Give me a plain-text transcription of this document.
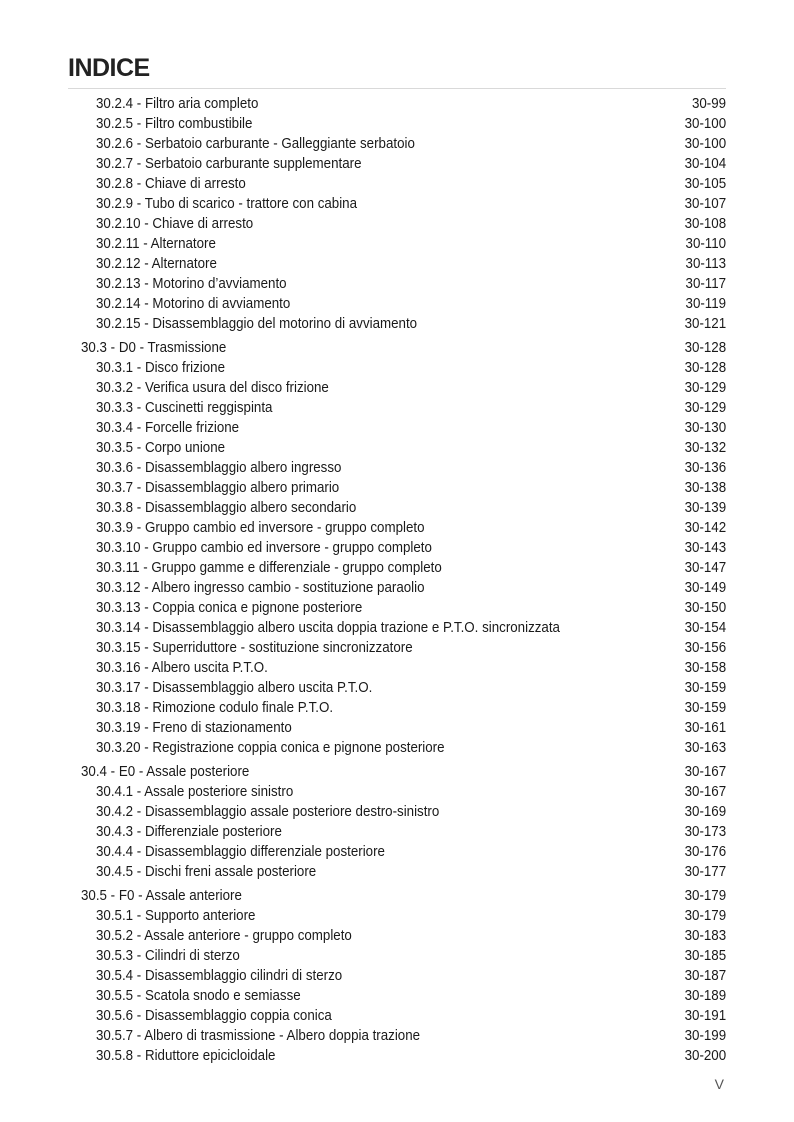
INDICE
30.2.4 - Filtro aria completo	30-99
30.2.5 - Filtro combustibile	30-100
30.2.6 - Serbatoio carburante - Galleggiante serbatoio	30-100
30.2.7 - Serbatoio carburante supplementare	30-104
30.2.8 - Chiave di arresto	30-105
30.2.9 - Tubo di scarico - trattore con cabina	30-107
30.2.10 - Chiave di arresto	30-108
30.2.11 - Alternatore	30-110
30.2.12 - Alternatore	30-113
30.2.13 - Motorino d’avviamento	30-117
30.2.14 - Motorino di avviamento	30-119
30.2.15 - Disassemblaggio del motorino di avviamento	30-121
30.3 - D0 - Trasmissione	30-128
30.3.1 - Disco frizione	30-128
30.3.2 - Verifica usura del disco frizione	30-129
30.3.3 - Cuscinetti reggispinta	30-129
30.3.4 - Forcelle frizione	30-130
30.3.5 - Corpo unione	30-132
30.3.6 - Disassemblaggio albero ingresso	30-136
30.3.7 - Disassemblaggio albero primario	30-138
30.3.8 - Disassemblaggio albero secondario	30-139
30.3.9 - Gruppo cambio ed inversore - gruppo completo	30-142
30.3.10 - Gruppo cambio ed inversore - gruppo completo	30-143
30.3.11 - Gruppo gamme e differenziale - gruppo completo	30-147
30.3.12 - Albero ingresso cambio - sostituzione paraolio	30-149
30.3.13 - Coppia conica e pignone posteriore	30-150
30.3.14 - Disassemblaggio albero uscita doppia trazione e P.T.O. sincronizzata	30-154
30.3.15 - Superriduttore - sostituzione sincronizzatore	30-156
30.3.16 - Albero uscita P.T.O.	30-158
30.3.17 - Disassemblaggio albero uscita P.T.O.	30-159
30.3.18 - Rimozione codulo finale P.T.O.	30-159
30.3.19 - Freno di stazionamento	30-161
30.3.20 - Registrazione coppia conica e pignone posteriore	30-163
30.4 - E0 - Assale posteriore	30-167
30.4.1 - Assale posteriore sinistro	30-167
30.4.2 - Disassemblaggio assale posteriore destro-sinistro	30-169
30.4.3 - Differenziale posteriore	30-173
30.4.4 - Disassemblaggio differenziale posteriore	30-176
30.4.5 - Dischi freni assale posteriore	30-177
30.5 - F0 - Assale anteriore	30-179
30.5.1 - Supporto anteriore	30-179
30.5.2 - Assale anteriore - gruppo completo	30-183
30.5.3 - Cilindri di sterzo	30-185
30.5.4 - Disassemblaggio cilindri di sterzo	30-187
30.5.5 - Scatola snodo e semiasse	30-189
30.5.6 - Disassemblaggio coppia conica	30-191
30.5.7 - Albero di trasmissione - Albero doppia trazione	30-199
30.5.8 - Riduttore epicicloidale	30-200
V
